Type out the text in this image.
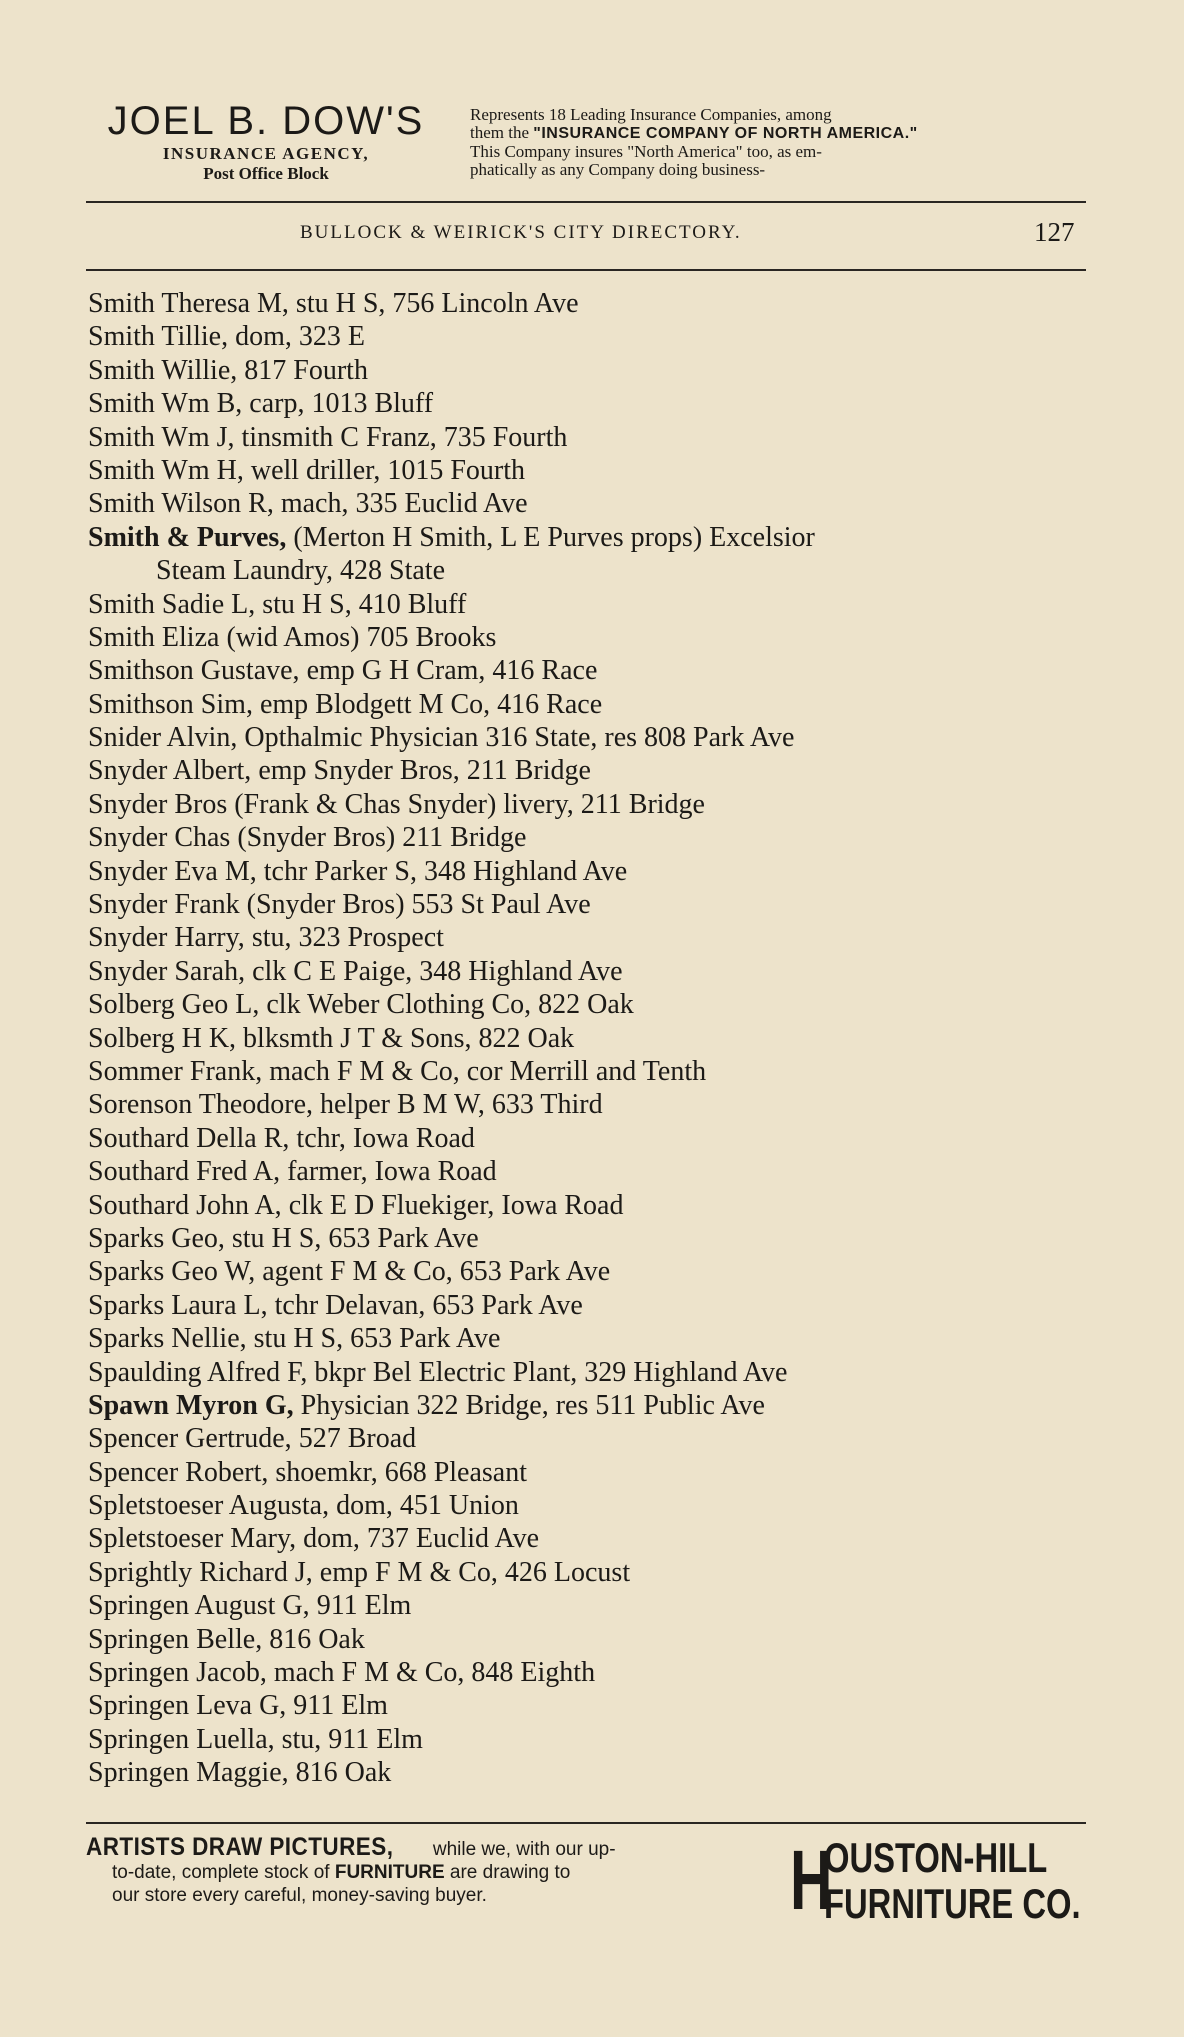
JOEL B. DOW'S
INSURANCE AGENCY,
Post Office Block
Represents 18 Leading Insurance Companies, among
them the "INSURANCE COMPANY OF NORTH AMERICA."
This Company insures "North America" too, as em-
phatically as any Company doing business-
BULLOCK & WEIRICK'S CITY DIRECTORY.	127
Smith Theresa M, stu H S, 756 Lincoln Ave
Smith Tillie, dom, 323 E
Smith Willie, 817 Fourth
Smith Wm B, carp, 1013 Bluff
Smith Wm J, tinsmith C Franz, 735 Fourth
Smith Wm H, well driller, 1015 Fourth
Smith Wilson R, mach, 335 Euclid Ave
Smith & Purves, (Merton H Smith, L E Purves props) Excelsior
Steam Laundry, 428 State
Smith Sadie L, stu H S, 410 Bluff
Smith Eliza (wid Amos) 705 Brooks
Smithson Gustave, emp G H Cram, 416 Race
Smithson Sim, emp Blodgett M Co, 416 Race
Snider Alvin, Opthalmic Physician 316 State, res 808 Park Ave
Snyder Albert, emp Snyder Bros, 211 Bridge
Snyder Bros (Frank & Chas Snyder) livery, 211 Bridge
Snyder Chas (Snyder Bros) 211 Bridge
Snyder Eva M, tchr Parker S, 348 Highland Ave
Snyder Frank (Snyder Bros) 553 St Paul Ave
Snyder Harry, stu, 323 Prospect
Snyder Sarah, clk C E Paige, 348 Highland Ave
Solberg Geo L, clk Weber Clothing Co, 822 Oak
Solberg H K, blksmth J T & Sons, 822 Oak
Sommer Frank, mach F M & Co, cor Merrill and Tenth
Sorenson Theodore, helper B M W, 633 Third
Southard Della R, tchr, Iowa Road
Southard Fred A, farmer, Iowa Road
Southard John A, clk E D Fluekiger, Iowa Road
Sparks Geo, stu H S, 653 Park Ave
Sparks Geo W, agent F M & Co, 653 Park Ave
Sparks Laura L, tchr Delavan, 653 Park Ave
Sparks Nellie, stu H S, 653 Park Ave
Spaulding Alfred F, bkpr Bel Electric Plant, 329 Highland Ave
Spawn Myron G, Physician 322 Bridge, res 511 Public Ave
Spencer Gertrude, 527 Broad
Spencer Robert, shoemkr, 668 Pleasant
Spletstoeser Augusta, dom, 451 Union
Spletstoeser Mary, dom, 737 Euclid Ave
Sprightly Richard J, emp F M & Co, 426 Locust
Springen August G, 911 Elm
Springen Belle, 816 Oak
Springen Jacob, mach F M & Co, 848 Eighth
Springen Leva G, 911 Elm
Springen Luella, stu, 911 Elm
Springen Maggie, 816 Oak
ARTISTS DRAW PICTURES, while we, with our up-
to-date, complete stock of FURNITURE are drawing to
our store every careful, money-saving buyer.	H
OUSTON-HILL
FURNITURE CO.
